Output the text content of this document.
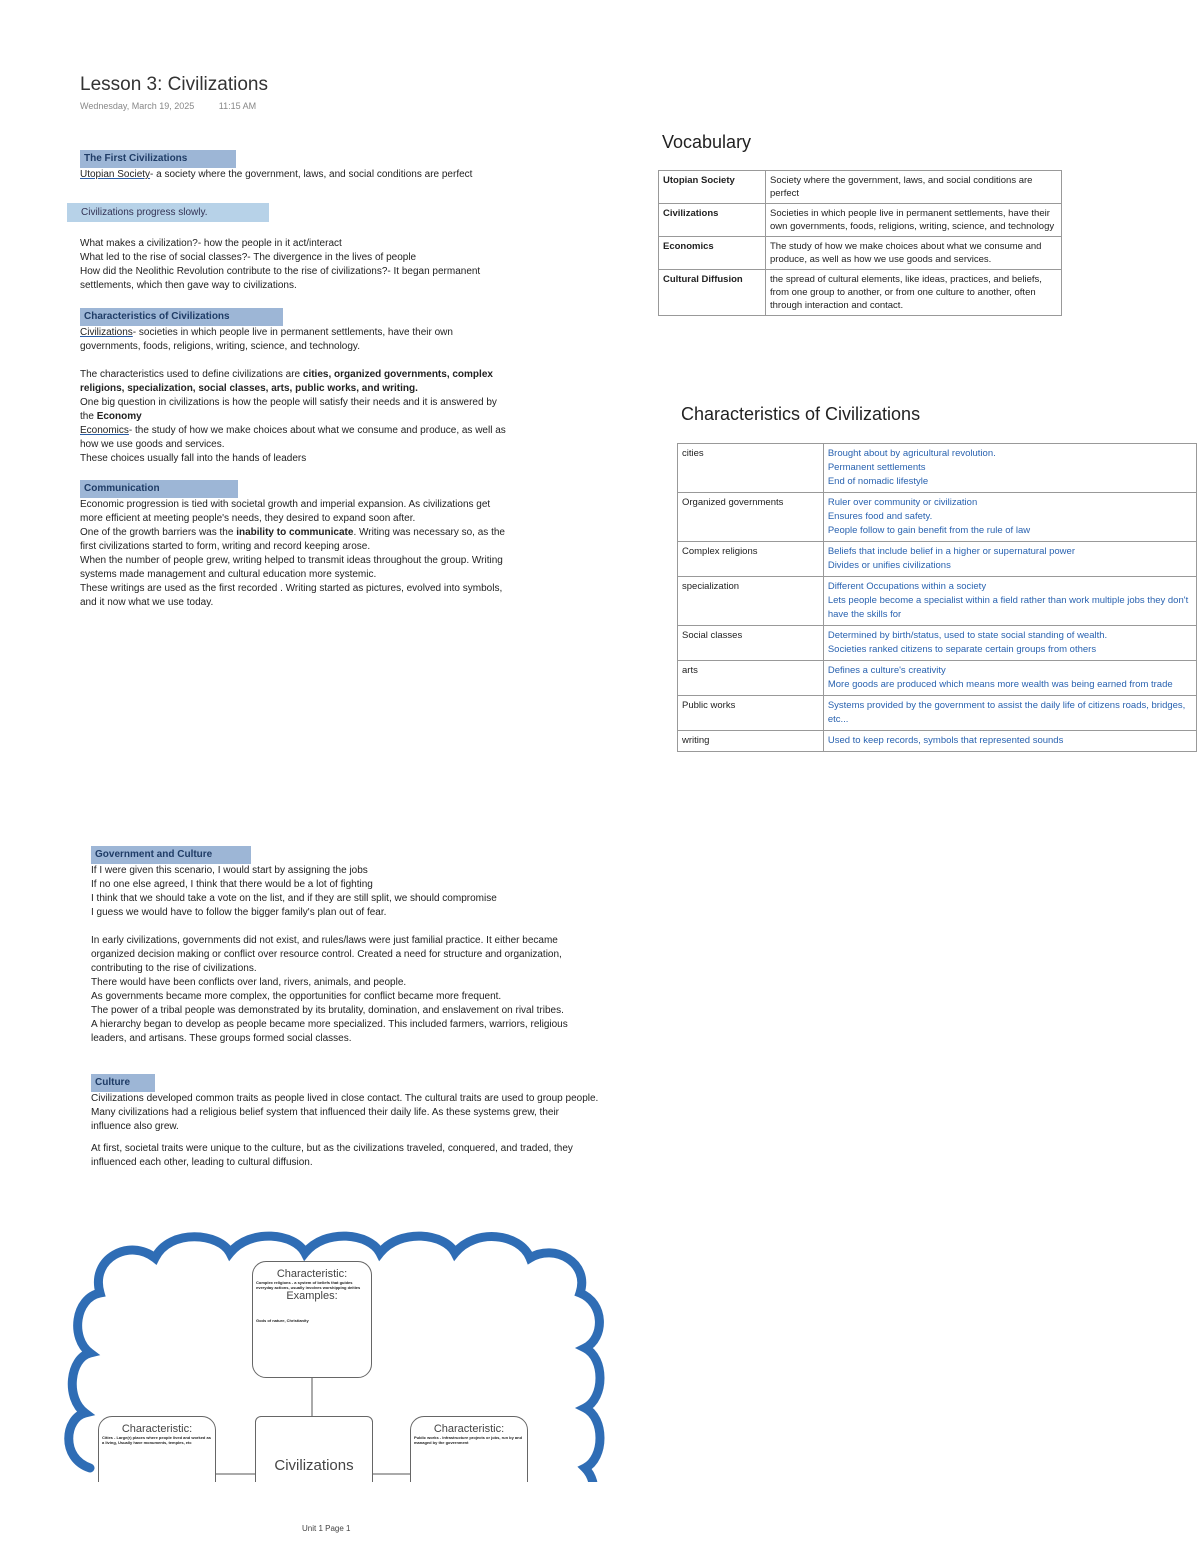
Lesson 3: Civilizations
Wednesday, March 19, 2025	11:15 AM
The First Civilizations

Utopian Society- a society where the government, laws, and social conditions are perfect

Civilizations progress slowly.

What makes a civilization?- how the people in it act/interact

What led to the rise of social classes?- The divergence in the lives of people

How did the Neolithic Revolution contribute to the rise of civilizations?- It began permanent settlements, which then gave way to civilizations.

Characteristics of Civilizations

Civilizations- societies in which people live in permanent settlements, have their own governments, foods, religions, writing, science, and technology.

The characteristics used to define civilizations are cities, organized governments, complex religions, specialization, social classes, arts, public works, and writing.

One big question in civilizations is how the people will satisfy their needs and it is answered by the Economy

Economics- the study of how we make choices about what we consume and produce, as well as how we use goods and services.

These choices usually fall into the hands of leaders

Communication

Economic progression is tied with societal growth and imperial expansion. As civilizations get more efficient at meeting people's needs, they desired to expand soon after.

One of the growth barriers was the inability to communicate. Writing was necessary so, as the first civilizations started to form, writing and record keeping arose.

When the number of people grew, writing helped to transmit ideas throughout the group. Writing systems made management and cultural education more systemic.

These writings are used as the first recorded . Writing started as pictures, evolved into symbols, and it now what we use today.

Vocabulary
Utopian Society	Society where the government, laws, and social conditions are perfect
Civilizations	Societies in which people live in permanent settlements, have their own governments, foods, religions, writing, science, and technology
Economics	The study of how we make choices about what we consume and produce, as well as how we use goods and services.
Cultural Diffusion	the spread of cultural elements, like ideas, practices, and beliefs, from one group to another, or from one culture to another, often through interaction and contact.
Characteristics of Civilizations
cities	Brought about by agricultural revolution.
Permanent settlements
End of nomadic lifestyle

Organized governments	Ruler over community or civilization
Ensures food and safety.
People follow to gain benefit from the rule of law

Complex religions	Beliefs that include belief in a higher or supernatural power
Divides or unifies civilizations

specialization	Different Occupations within a society
Lets people become a specialist within a field rather than work multiple jobs they don't have the skills for

Social classes	Determined by birth/status, used to state social standing of wealth.
Societies ranked citizens to separate certain groups from others

arts	Defines a culture's creativity
More goods are produced which means more wealth was being earned from trade

Public works	Systems provided by the government to assist the daily life of citizens roads, bridges, etc...

writing	Used to keep records, symbols that represented sounds
Government and Culture

If I were given this scenario, I would start by assigning the jobs

If no one else agreed, I think that there would be a lot of fighting

I think that we should take a vote on the list, and if they are still split, we should compromise

I guess we would have to follow the bigger family's plan out of fear.

In early civilizations, governments did not exist, and rules/laws were just familial practice. It either became organized decision making or conflict over resource control. Created a need for structure and organization, contributing to the rise of civilizations.

There would have been conflicts over land, rivers, animals, and people.

As governments became more complex, the opportunities for conflict became more frequent.

The power of a tribal people was demonstrated by its brutality, domination, and enslavement on rival tribes.

A hierarchy began to develop as people became more specialized. This included farmers, warriors, religious leaders, and artisans. These groups formed social classes.

Culture

Civilizations developed common traits as people lived in close contact. The cultural traits are used to group people. Many civilizations had a religious belief system that influenced their daily life. As these systems grew, their influence also grew.

At first, societal traits were unique to the culture, but as the civilizations traveled, conquered, and traded, they influenced each other, leading to cultural diffusion.

Characteristic:
Complex religions - a system of beliefs that guides everyday actions, usually involves worshipping deities
Examples:
Gods of nature, Christianity
Characteristic:
Cities - Large(r) places where people lived and worked as a living, Usually have monuments, temples, etc
Civilizations
Characteristic:
Public works - Infrastructure projects or jobs, run by and managed by the government
Unit 1 Page 1
